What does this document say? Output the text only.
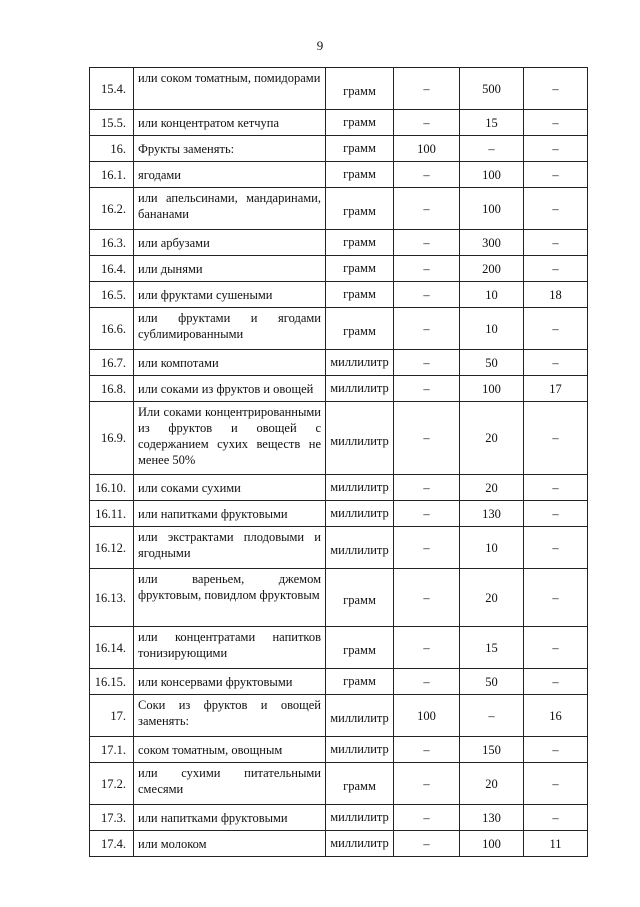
9
15.4.	или соком томатным, помидорами	грамм	–	500	–
15.5.	или концентратом кетчупа	грамм	–	15	–
16.	Фрукты заменять:	грамм	100	–	–
16.1.	ягодами	грамм	–	100	–
16.2.	или апельсинами, мандаринами, бананами	грамм	–	100	–
16.3.	или арбузами	грамм	–	300	–
16.4.	или дынями	грамм	–	200	–
16.5.	или фруктами сушеными	грамм	–	10	18
16.6.	или фруктами и ягодами сублимированными	грамм	–	10	–
16.7.	или компотами	миллилитр	–	50	–
16.8.	или соками из фруктов и овощей	миллилитр	–	100	17
16.9.	Или соками концентрированными из фруктов и овощей с содержанием сухих веществ не менее 50%	миллилитр	–	20	–
16.10.	или соками сухими	миллилитр	–	20	–
16.11.	или напитками фруктовыми	миллилитр	–	130	–
16.12.	или экстрактами плодовыми и ягодными	миллилитр	–	10	–
16.13.	или вареньем, джемом фруктовым, повидлом фруктовым	грамм	–	20	–
16.14.	или концентратами напитков тонизирующими	грамм	–	15	–
16.15.	или консервами фруктовыми	грамм	–	50	–
17.	Соки из фруктов и овощей заменять:	миллилитр	100	–	16
17.1.	соком томатным, овощным	миллилитр	–	150	–
17.2.	или сухими питательными смесями	грамм	–	20	–
17.3.	или напитками фруктовыми	миллилитр	–	130	–
17.4.	или молоком	миллилитр	–	100	11
